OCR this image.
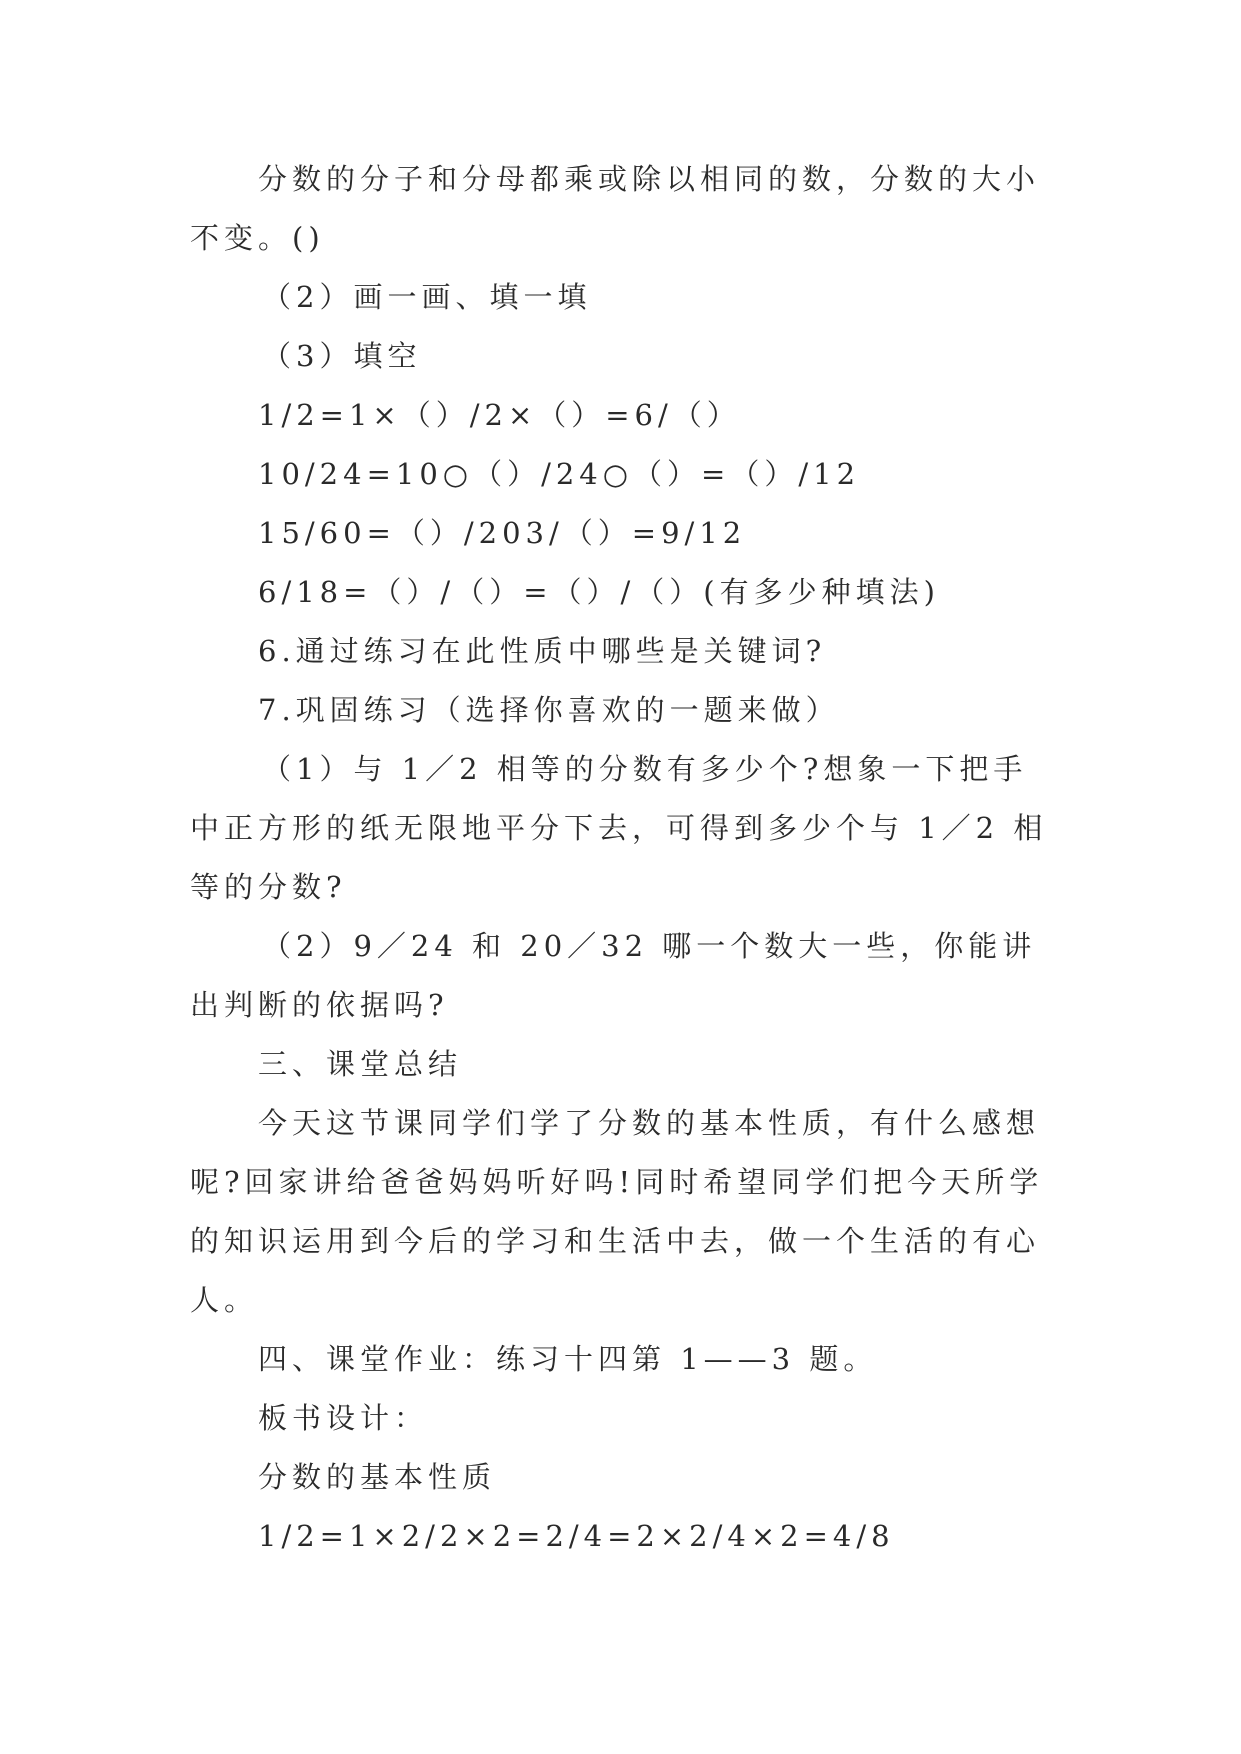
分数的分子和分母都乘或除以相同的数，分数的大小不变。()

（2）画一画、填一填

（3）填空

1/2=1×（）/2×（）=6/（）

10/24=10○（）/24○（）=（）/12

15/60=（）/203/（）=9/12

6/18=（）/（）=（）/（）(有多少种填法)

6.通过练习在此性质中哪些是关键词?

7.巩固练习（选择你喜欢的一题来做）

（1）与 1／2 相等的分数有多少个?想象一下把手中正方形的纸无限地平分下去，可得到多少个与 1／2 相等的分数?

（2）9／24 和 20／32 哪一个数大一些，你能讲出判断的依据吗?

三、课堂总结

今天这节课同学们学了分数的基本性质，有什么感想呢?回家讲给爸爸妈妈听好吗!同时希望同学们把今天所学的知识运用到今后的学习和生活中去，做一个生活的有心人。

四、课堂作业：练习十四第 1——3 题。

板书设计：

分数的基本性质

1/2=1×2/2×2=2/4=2×2/4×2=4/8
